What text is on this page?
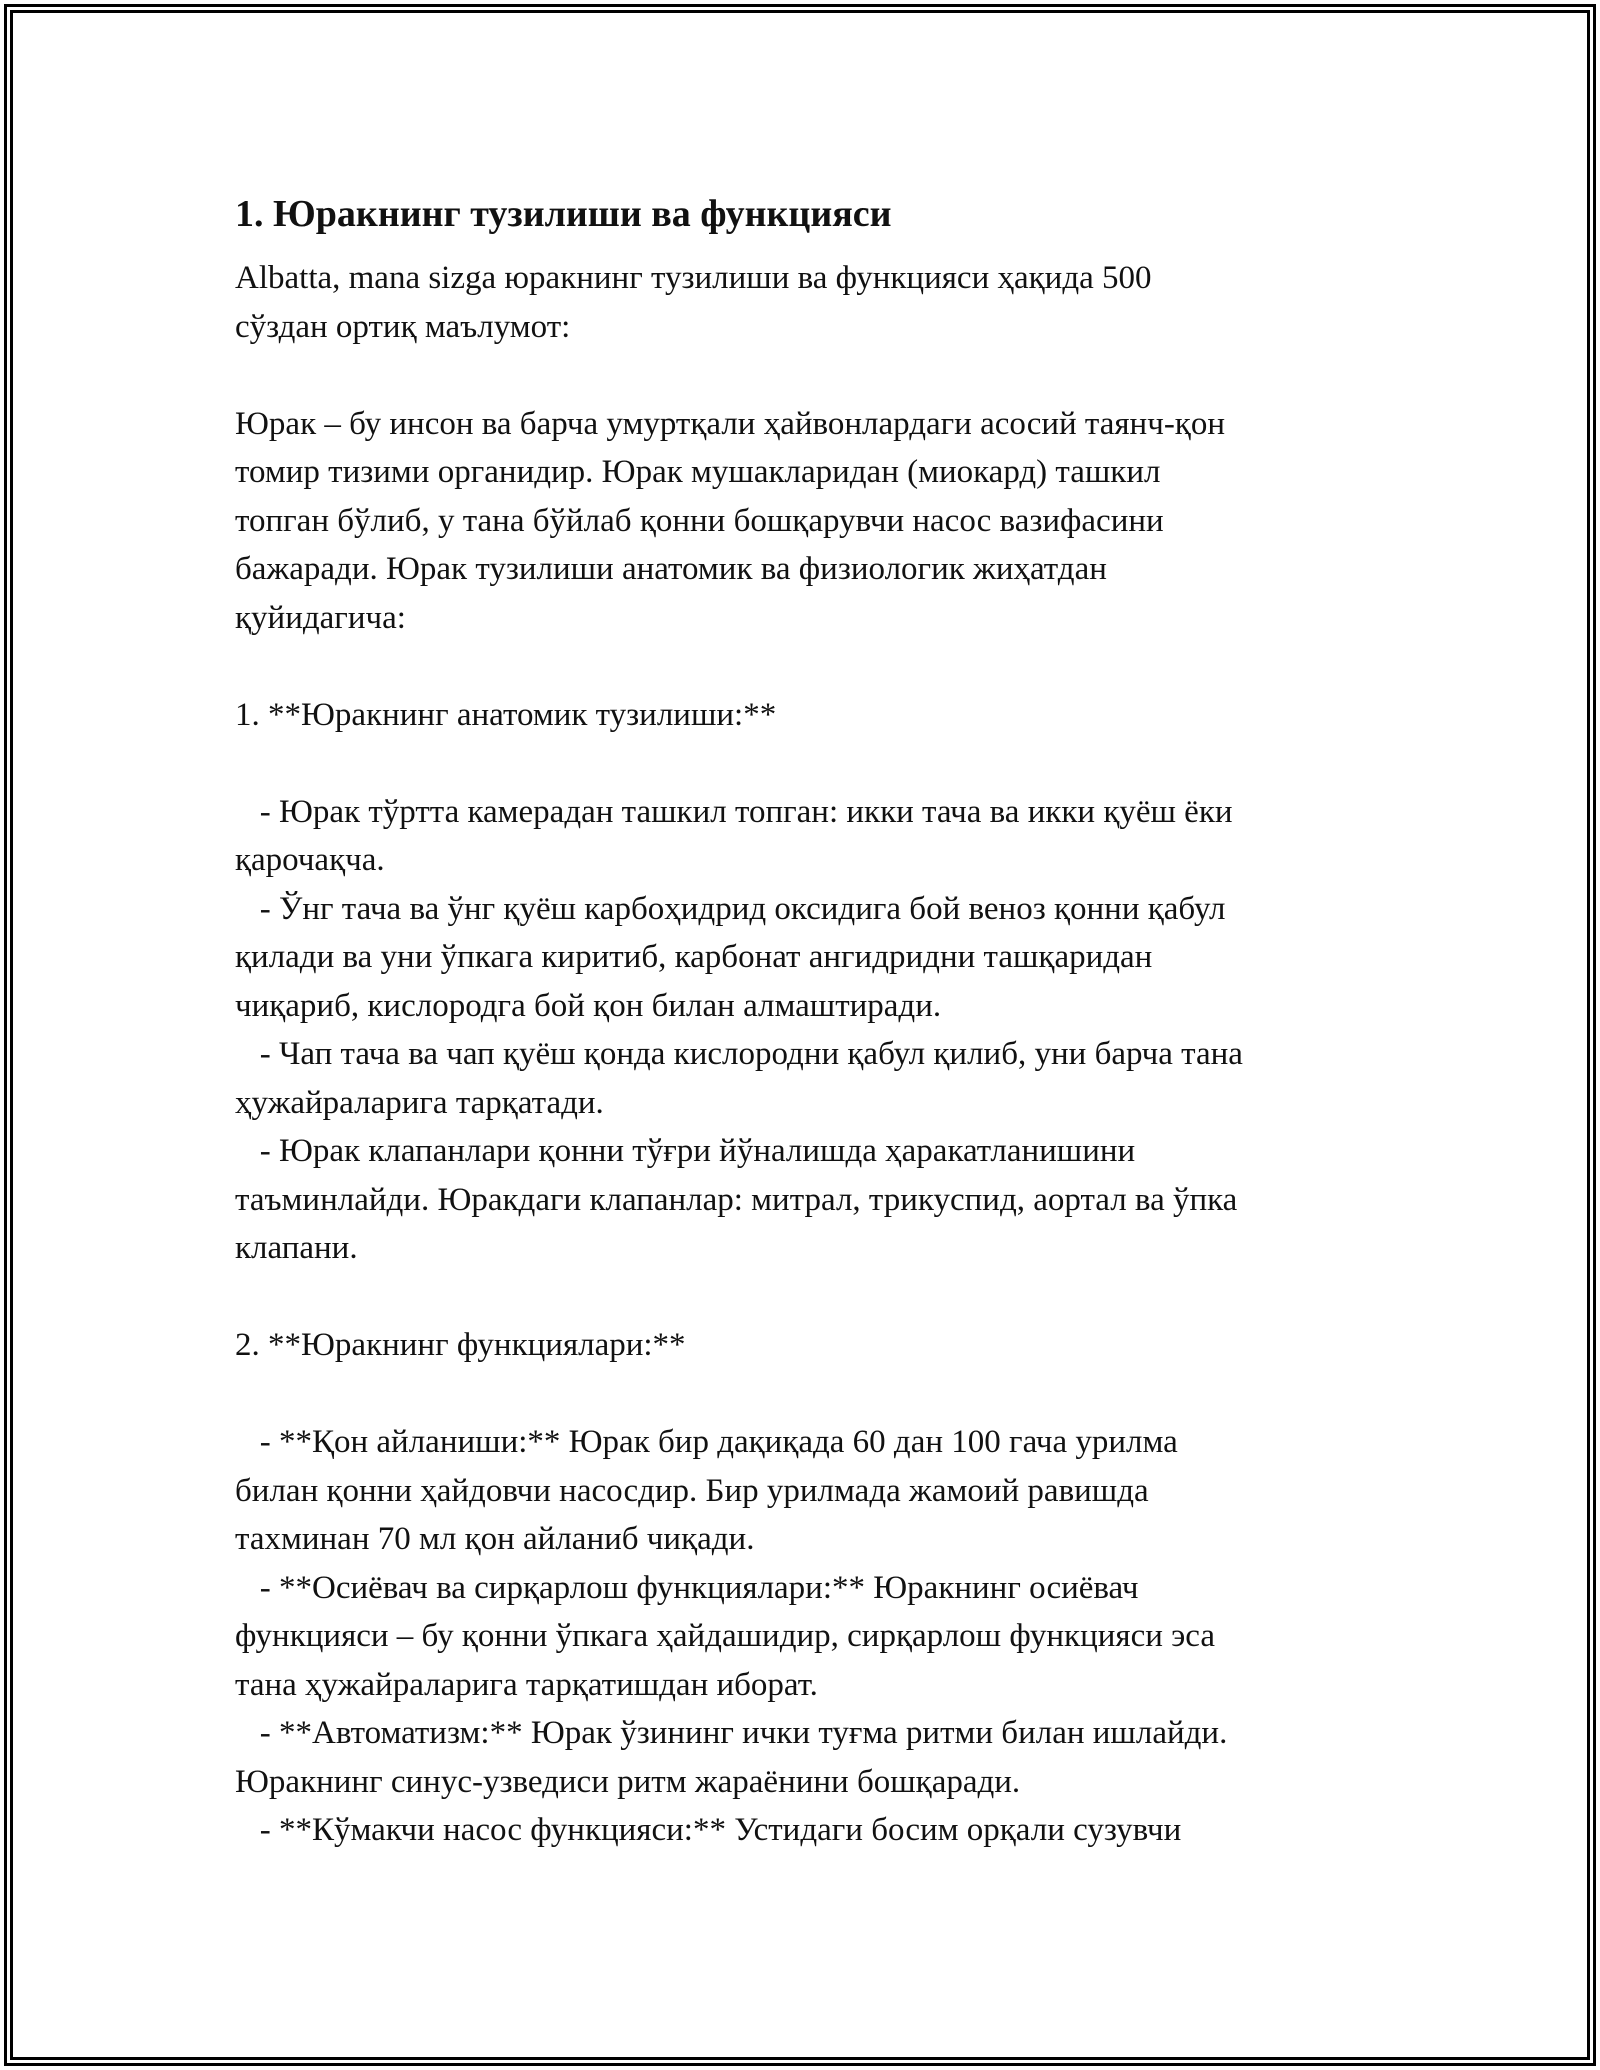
1. Юракнинг тузилиши ва функцияси

Albatta, mana sizga юракнинг тузилиши ва функцияси ҳақида 500

сўздан ортиқ маълумот:

Юрак – бу инсон ва барча умуртқали ҳайвонлардаги асосий таянч-қон

томир тизими органидир. Юрак мушакларидан (миокард) ташкил

топган бўлиб, у тана бўйлаб қонни бошқарувчи насос вазифасини

бажаради. Юрак тузилиши анатомик ва физиологик жиҳатдан

қуйидагича:

1. **Юракнинг анатомик тузилиши:**

- Юрак тўртта камерадан ташкил топган: икки тача ва икки қуёш ёки

қарочақча.

- Ўнг тача ва ўнг қуёш карбоҳидрид оксидига бой веноз қонни қабул

қилади ва уни ўпкага киритиб, карбонат ангидридни ташқаридан

чиқариб, кислородга бой қон билан алмаштиради.

- Чап тача ва чап қуёш қонда кислородни қабул қилиб, уни барча тана

ҳужайраларига тарқатади.

- Юрак клапанлари қонни тўғри йўналишда ҳаракатланишини

таъминлайди. Юракдаги клапанлар: митрал, трикуспид, аортал ва ўпка

клапани.

2. **Юракнинг функциялари:**

- **Қон айланиши:** Юрак бир дақиқада 60 дан 100 гача урилма

билан қонни ҳайдовчи насосдир. Бир урилмада жамоий равишда

тахминан 70 мл қон айланиб чиқади.

- **Осиёвач ва сирқарлош функциялари:** Юракнинг осиёвач

функцияси – бу қонни ўпкага ҳайдашидир, сирқарлош функцияси эса

тана ҳужайраларига тарқатишдан иборат.

- **Автоматизм:** Юрак ўзининг ички туғма ритми билан ишлайди.

Юракнинг синус-узведиси ритм жараёнини бошқаради.

- **Кўмакчи насос функцияси:** Устидаги босим орқали сузувчи
